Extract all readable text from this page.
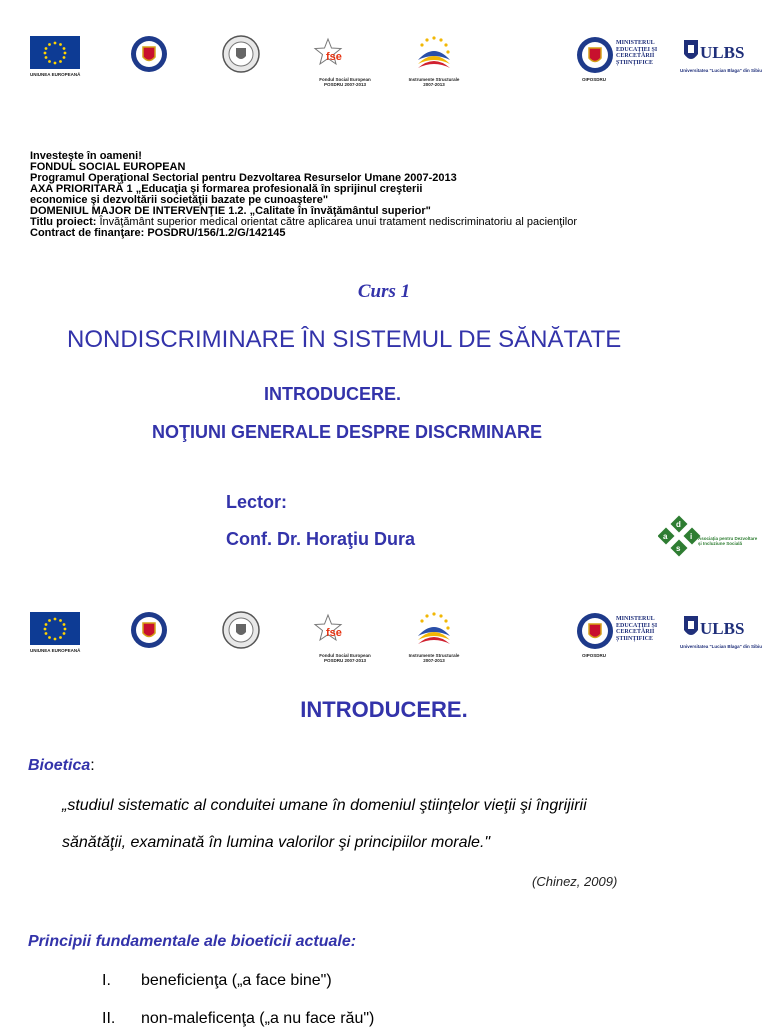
UNIUNEA EUROPEANĂ
fse
Fondul Social European
POSDRU 2007-2013
Instrumente Structurale
2007-2013
MINISTERUL
EDUCAȚIEI ȘI
CERCETĂRII
ȘTIINȚIFICE
OIPOSDRU
ULBS
Universitatea "Lucian Blaga" din Sibiu
Investeşte în oameni!
FONDUL SOCIAL EUROPEAN
Programul Operaţional Sectorial pentru Dezvoltarea Resurselor Umane 2007-2013
AXA PRIORITARĂ 1 „Educaţia şi formarea profesională în sprijinul creşterii
economice şi dezvoltării societăţii bazate pe cunoaştere"
DOMENIUL MAJOR DE INTERVENŢIE 1.2. „Calitate în învăţământul superior"
Titlu proiect: Învăţământ superior medical orientat către aplicarea unui tratament nediscriminatoriu al pacienţilor
Contract de finanţare: POSDRU/156/1.2/G/142145
Curs 1
NONDISCRIMINARE ÎN SISTEMUL DE SĂNĂTATE
INTRODUCERE.
NOŢIUNI GENERALE DESPRE DISCRMINARE
Lector:
Conf. Dr. Horaţiu Dura	a
d
i
s
Asociația pentru Dezvoltare
și Incluziune Socială
UNIUNEA EUROPEANĂ
fse
Fondul Social European
POSDRU 2007-2013
Instrumente Structurale
2007-2013
MINISTERUL
EDUCAȚIEI ȘI
CERCETĂRII
ȘTIINȚIFICE
OIPOSDRU
ULBS
Universitatea "Lucian Blaga" din Sibiu
INTRODUCERE.
Bioetica:
„studiul sistematic al conduitei umane în domeniul ştiinţelor vieţii şi îngrijirii
sănătăţii, examinată în lumina valorilor şi principiilor morale."
(Chinez, 2009)
Principii fundamentale ale bioeticii actuale:
I. beneficienţa („a face bine")
II. non-maleficenţa („a nu face rău")
